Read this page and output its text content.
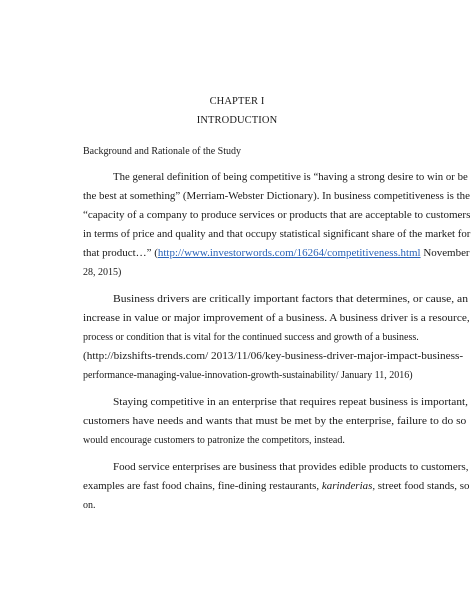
CHAPTER I
INTRODUCTION
Background and Rationale of the Study
The general definition of being competitive is “having a strong desire to win or be
the best at something” (Merriam-Webster Dictionary). In business competitiveness is the
“capacity of a company to produce services or products that are acceptable to customers
in terms of price and quality and that occupy statistical significant share of the market for
that product…” (http://www.investorwords.com/16264/competitiveness.html November
28, 2015)
Business drivers are critically important factors that determines, or cause, an
increase in value or major improvement of a business. A business driver is a resource,
process or condition that is vital for the continued success and growth of a business.
(http://bizshifts-trends.com/ 2013/11/06/key-business-driver-major-impact-business-
performance-managing-value-innovation-growth-sustainability/ January 11, 2016)
Staying competitive in an enterprise that requires repeat business is important,
customers have needs and wants that must be met by the enterprise, failure to do so
would encourage customers to patronize the competitors, instead.
Food service enterprises are business that provides edible products to customers,
examples are fast food chains, fine-dining restaurants, karinderias, street food stands, so
on.
